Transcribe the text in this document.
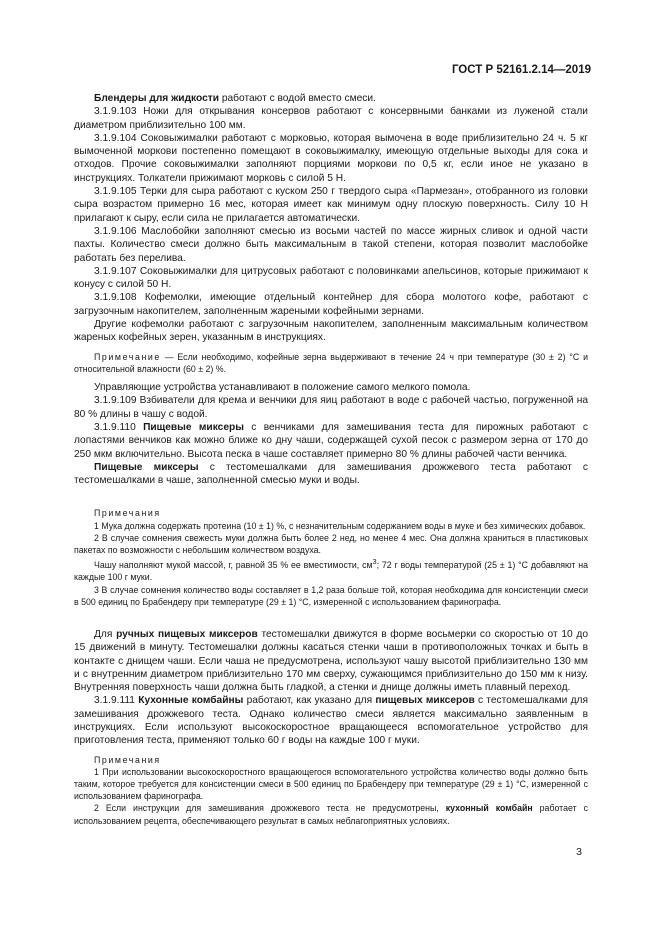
ГОСТ Р 52161.2.14—2019

Блендеры для жидкости работают с водой вместо смеси.

3.1.9.103 Ножи для открывания консервов работают с консервными банками из луженой стали диаметром приблизительно 100 мм.

3.1.9.104 Соковыжималки работают с морковью, которая вымочена в воде приблизительно 24 ч. 5 кг вымоченной моркови постепенно помещают в соковыжималку, имеющую отдельные выходы для сока и отходов. Прочие соковыжималки заполняют порциями моркови по 0,5 кг, если иное не указано в инструкциях. Толкатели прижимают морковь с силой 5 Н.

3.1.9.105 Терки для сыра работают с куском 250 г твердого сыра «Пармезан», отобранного из головки сыра возрастом примерно 16 мес, которая имеет как минимум одну плоскую поверхность. Силу 10 Н прилагают к сыру, если сила не прилагается автоматически.

3.1.9.106 Маслобойки заполняют смесью из восьми частей по массе жирных сливок и одной части пахты. Количество смеси должно быть максимальным в такой степени, которая позволит маслобойке работать без перелива.

3.1.9.107 Соковыжималки для цитрусовых работают с половинками апельсинов, которые прижимают к конусу с силой 50 Н.

3.1.9.108 Кофемолки, имеющие отдельный контейнер для сбора молотого кофе, работают с загрузочным накопителем, заполненным жареными кофейными зернами.

Другие кофемолки работают с загрузочным накопителем, заполненным максимальным количеством жареных кофейных зерен, указанным в инструкциях.

Примечание — Если необходимо, кофейные зерна выдерживают в течение 24 ч при температуре (30 ± 2) °С и относительной влажности (60 ± 2) %.

Управляющие устройства устанавливают в положение самого мелкого помола.

3.1.9.109 Взбиватели для крема и венчики для яиц работают в воде с рабочей частью, погруженной на 80 % длины в чашу с водой.

3.1.9.110 Пищевые миксеры с венчиками для замешивания теста для пирожных работают с лопастями венчиков как можно ближе ко дну чаши, содержащей сухой песок с размером зерна от 170 до 250 мкм включительно. Высота песка в чаше составляет примерно 80 % длины рабочей части венчика.

Пищевые миксеры с тестомешалками для замешивания дрожжевого теста работают с тестомешалками в чаше, заполненной смесью муки и воды.

Примечания

1 Мука должна содержать протеина (10 ± 1) %, с незначительным содержанием воды в муке и без химических добавок.

2 В случае сомнения свежесть муки должна быть более 2 нед, но менее 4 мес. Она должна храниться в пластиковых пакетах по возможности с небольшим количеством воздуха.

Чашу наполняют мукой массой, г, равной 35 % ее вместимости, $см^3$; 72 г воды температурой (25 ± 1) °С добавляют на каждые 100 г муки.

3 В случае сомнения количество воды составляет в 1,2 раза больше той, которая необходима для консистенции смеси в 500 единиц по Брабендеру при температуре (29 ± 1) °С, измеренной с использованием фаринографа.

Для ручных пищевых миксеров тестомешалки движутся в форме восьмерки со скоростью от 10 до 15 движений в минуту. Тестомешалки должны касаться стенки чаши в противоположных точках и быть в контакте с днищем чаши. Если чаша не предусмотрена, используют чашу высотой приблизительно 130 мм и с внутренним диаметром приблизительно 170 мм сверху, сужающимся приблизительно до 150 мм к низу. Внутренняя поверхность чаши должна быть гладкой, а стенки и днище должны иметь плавный переход.

3.1.9.111 Кухонные комбайны работают, как указано для пищевых миксеров с тестомешалками для замешивания дрожжевого теста. Однако количество смеси является максимально заявленным в инструкциях. Если используют высокоскоростное вращающееся вспомогательное устройство для приготовления теста, применяют только 60 г воды на каждые 100 г муки.

Примечания

1 При использовании высокоскоростного вращающегося вспомогательного устройства количество воды должно быть таким, которое требуется для консистенции смеси в 500 единиц по Брабендеру при температуре (29 ± 1) °С, измеренной с использованием фаринографа.

2 Если инструкции для замешивания дрожжевого теста не предусмотрены, кухонный комбайн работает с использованием рецепта, обеспечивающего результат в самых неблагоприятных условиях.

3
